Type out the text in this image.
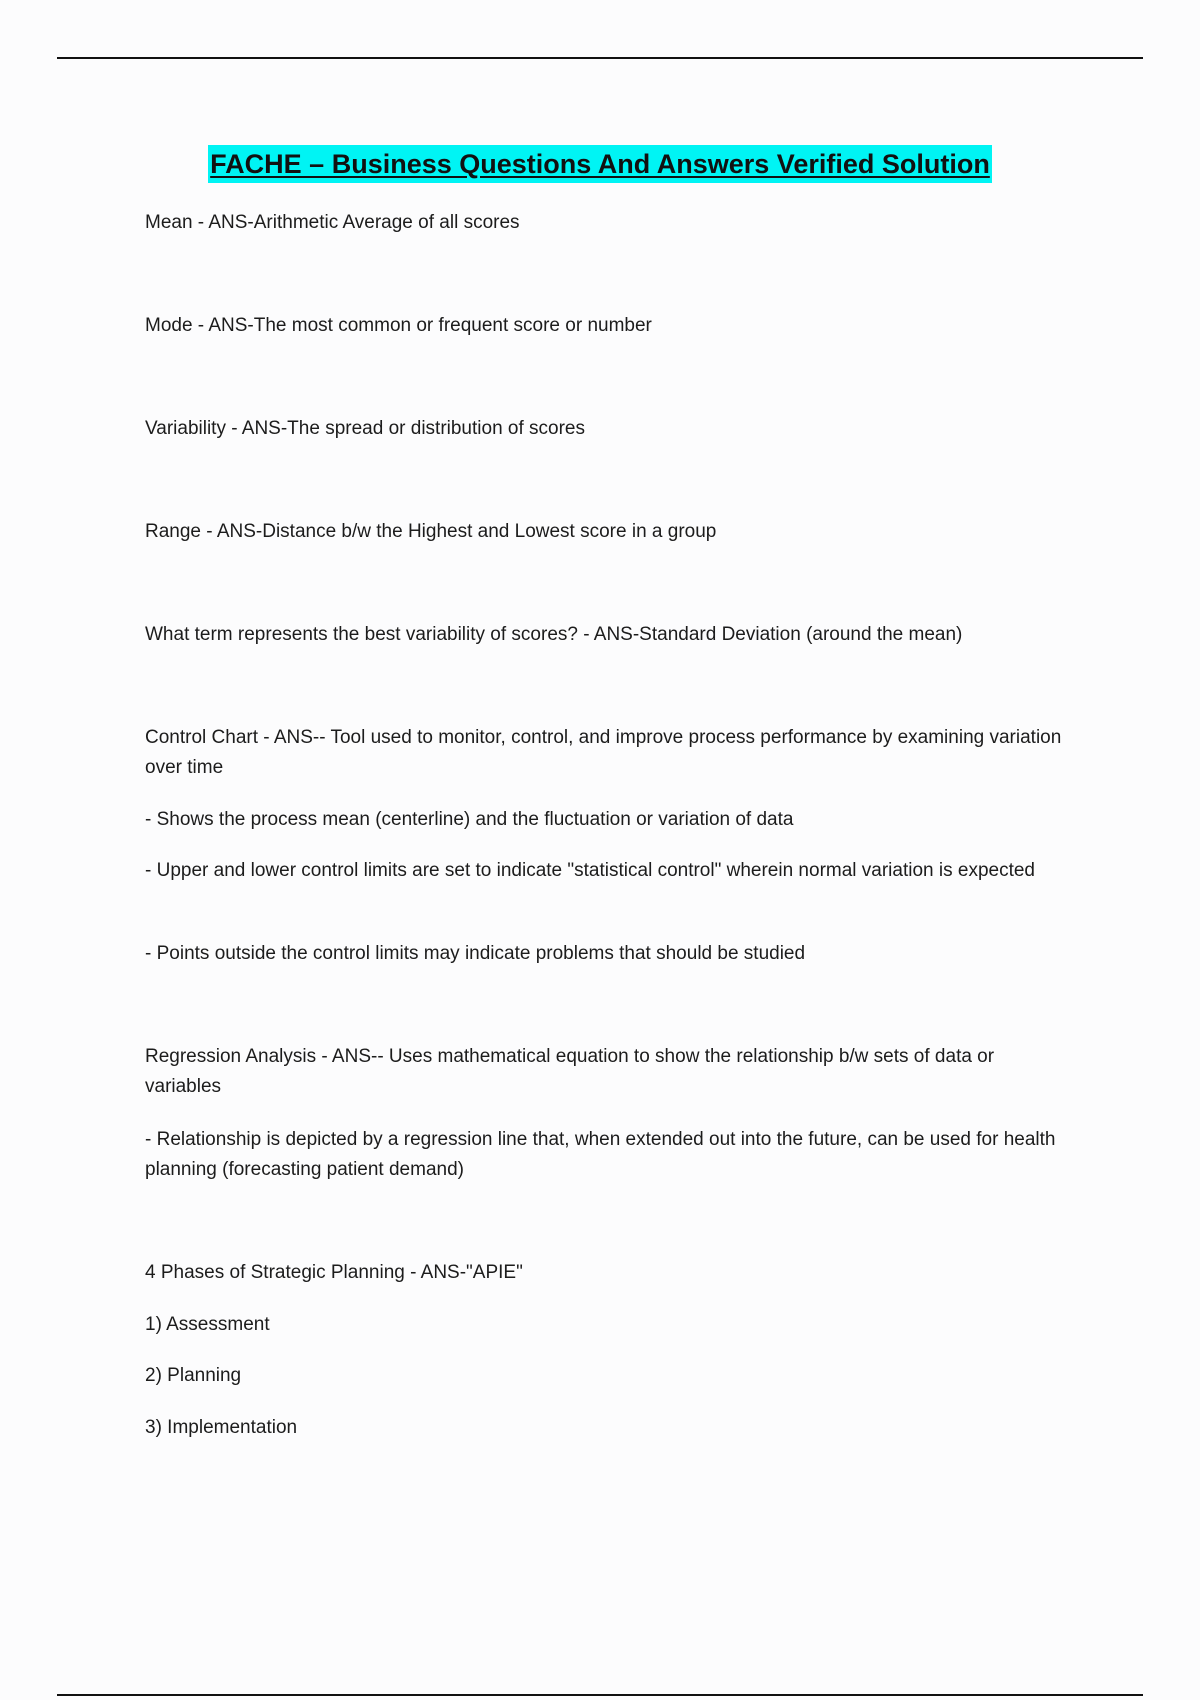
FACHE – Business Questions And Answers Verified Solution
Mean - ANS-Arithmetic Average of all scores
Mode - ANS-The most common or frequent score or number
Variability - ANS-The spread or distribution of scores
Range - ANS-Distance b/w the Highest and Lowest score in a group
What term represents the best variability of scores? - ANS-Standard Deviation (around the mean)
Control Chart - ANS-- Tool used to monitor, control, and improve process performance by examining variation over time
- Shows the process mean (centerline) and the fluctuation or variation of data
- Upper and lower control limits are set to indicate "statistical control" wherein normal variation is expected
- Points outside the control limits may indicate problems that should be studied
Regression Analysis - ANS-- Uses mathematical equation to show the relationship b/w sets of data or variables
- Relationship is depicted by a regression line that, when extended out into the future, can be used for health planning (forecasting patient demand)
4 Phases of Strategic Planning - ANS-"APIE"
1) Assessment
2) Planning
3) Implementation
